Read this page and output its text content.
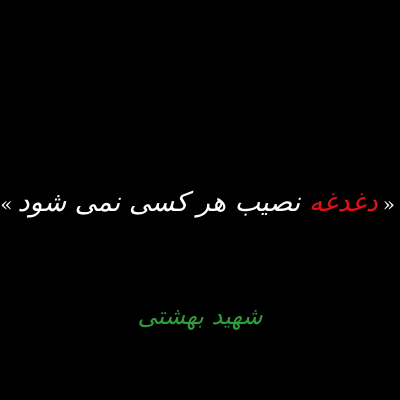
«دغدغه نصیب هر کسی نمی شود»
شهید بهشتی
